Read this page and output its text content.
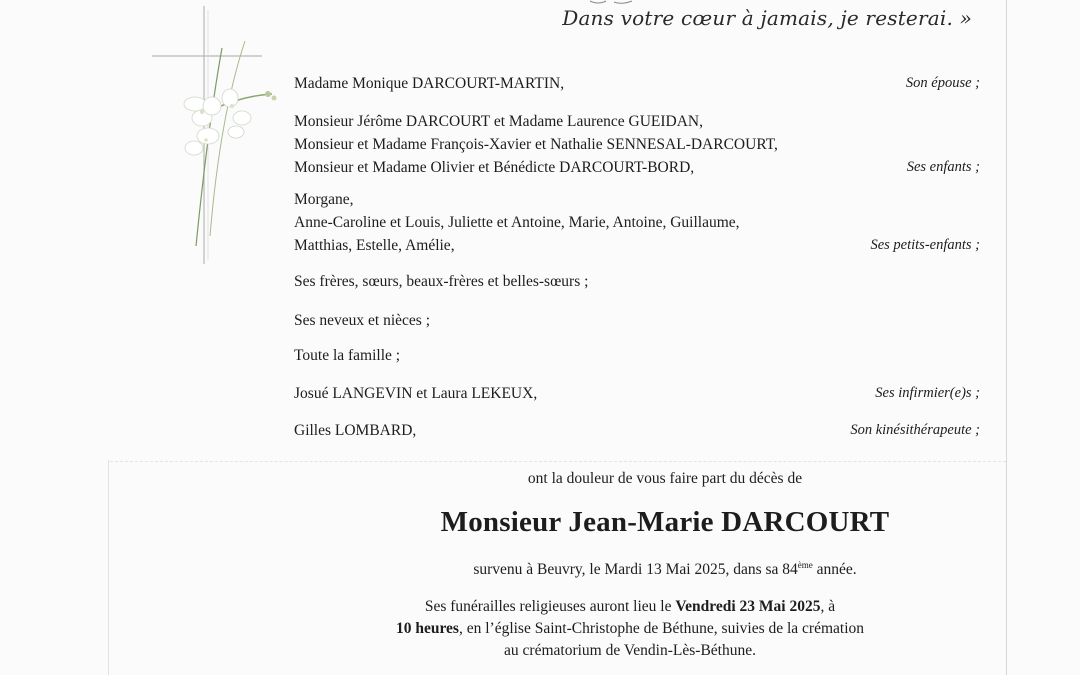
Dans votre cœur à jamais, je resterai. »
Madame Monique DARCOURT-MARTIN,	Son épouse ;
Monsieur Jérôme DARCOURT et Madame Laurence GUEIDAN,
Monsieur et Madame François-Xavier et Nathalie SENNESAL-DARCOURT,
Monsieur et Madame Olivier et Bénédicte DARCOURT-BORD,	Ses enfants ;
Morgane,
Anne-Caroline et Louis, Juliette et Antoine, Marie, Antoine, Guillaume,
Matthias, Estelle, Amélie,	Ses petits-enfants ;
Ses frères, sœurs, beaux-frères et belles-sœurs ;
Ses neveux et nièces ;
Toute la famille ;
Josué LANGEVIN et Laura LEKEUX,	Ses infirmier(e)s ;
Gilles LOMBARD,	Son kinésithérapeute ;
ont la douleur de vous faire part du décès de
Monsieur Jean-Marie DARCOURT
survenu à Beuvry, le Mardi 13 Mai 2025, dans sa 84ème année.
Ses funérailles religieuses auront lieu le Vendredi 23 Mai 2025, à
10 heures, en l’église Saint-Christophe de Béthune, suivies de la crémation
au crématorium de Vendin-Lès-Béthune.
